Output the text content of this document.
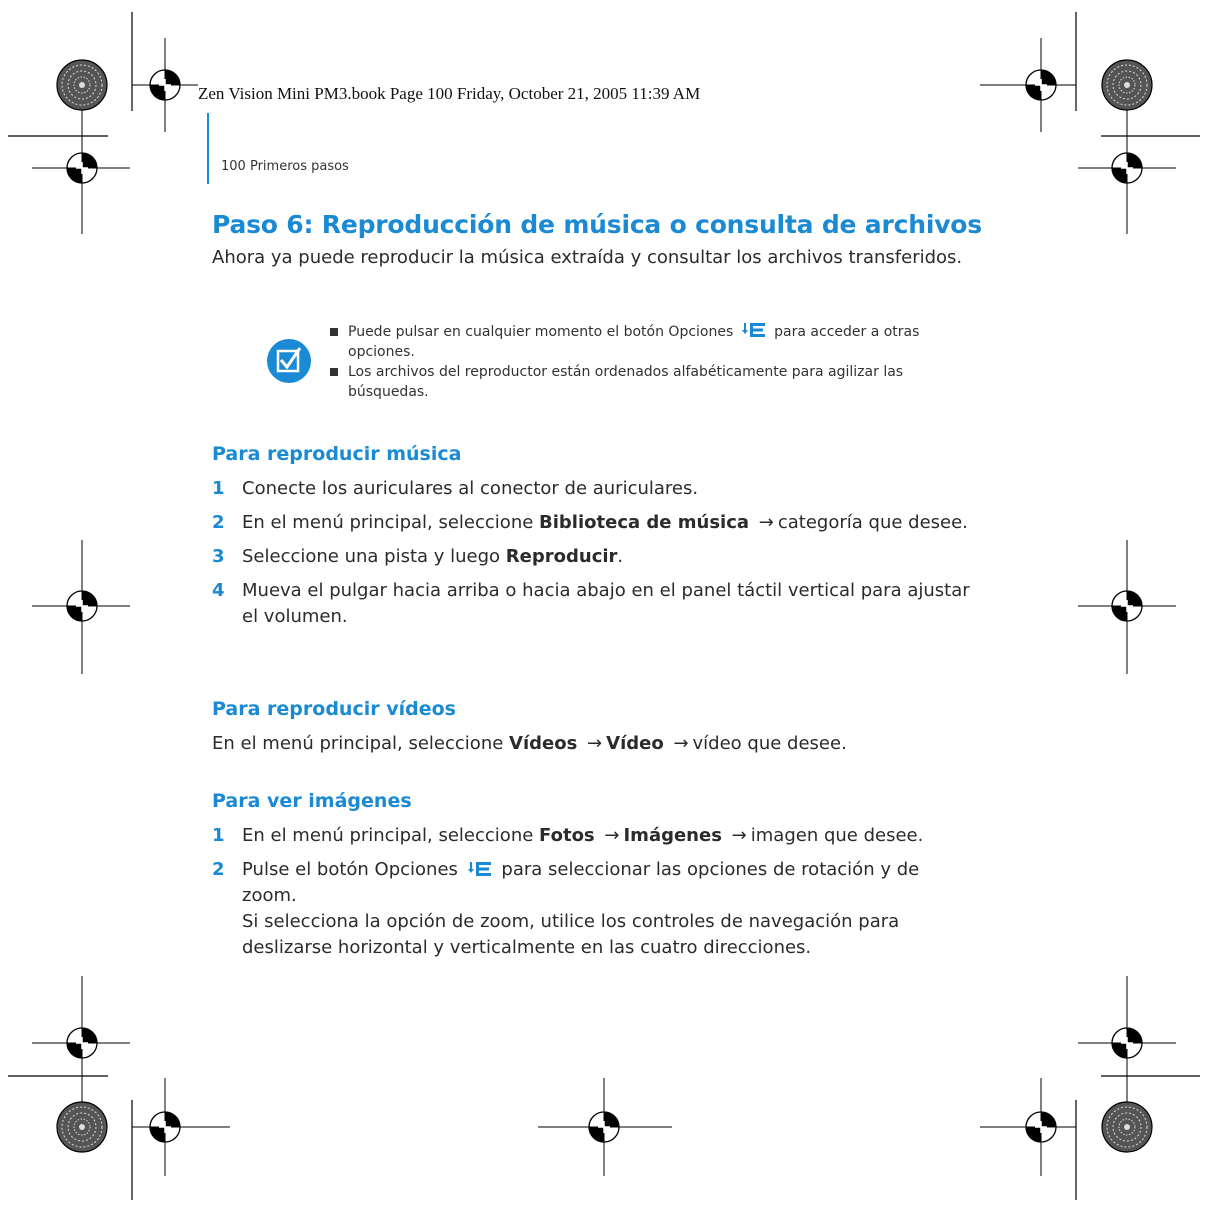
Zen Vision Mini PM3.book Page 100 Friday, October 21, 2005 11:39 AM
100 Primeros pasos
Paso 6: Reproducción de música o consulta de archivos

Ahora ya puede reproducir la música extraída y consultar los archivos transferidos.

Puede pulsar en cualquier momento el botón Opciones	para acceder a otras opciones.
Los archivos del reproductor están ordenados alfabéticamente para agilizar las búsquedas.
Para reproducir música
1 Conecte los auriculares al conector de auriculares.
2 En el menú principal, seleccione Biblioteca de música → categoría que desee.
3 Seleccione una pista y luego Reproducir.
4 Mueva el pulgar hacia arriba o hacia abajo en el panel táctil vertical para ajustar el volumen.
Para reproducir vídeos

En el menú principal, seleccione Vídeos → Vídeo → vídeo que desee.

Para ver imágenes
1 En el menú principal, seleccione Fotos → Imágenes → imagen que desee.
2 Pulse el botón Opciones para seleccionar las opciones de rotación y de zoom.
Si selecciona la opción de zoom, utilice los controles de navegación para deslizarse horizontal y verticalmente en las cuatro direcciones.
